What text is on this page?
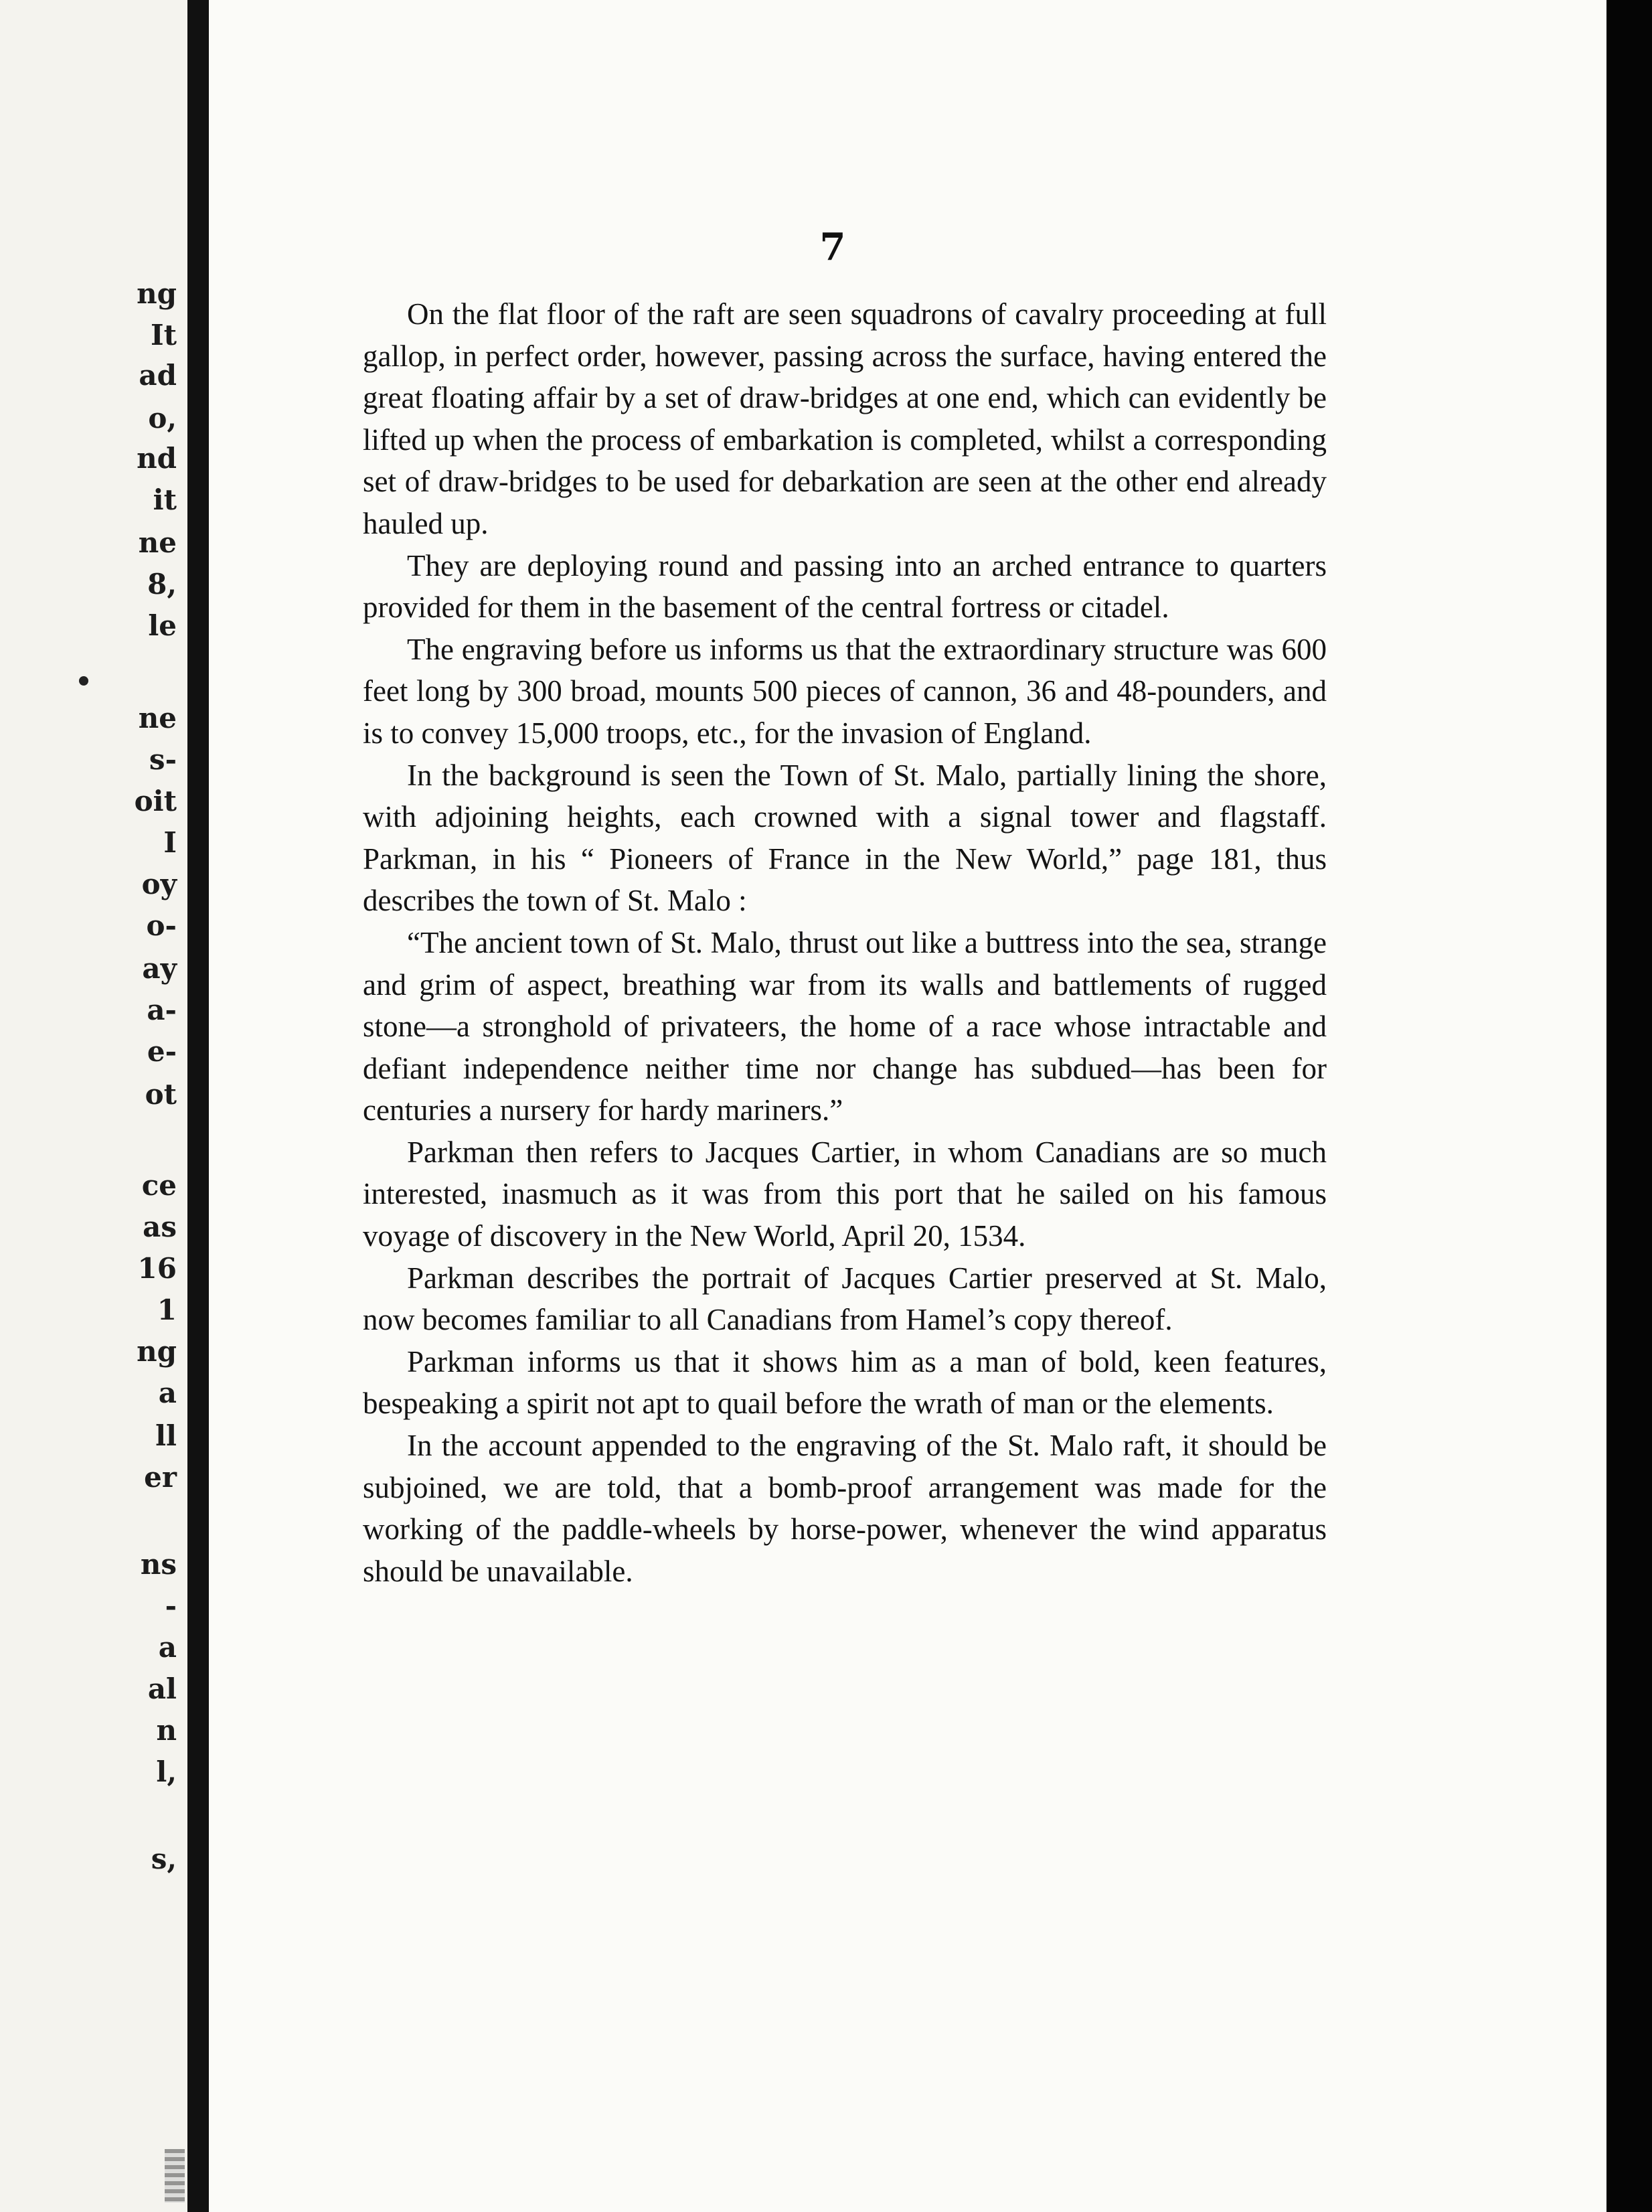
ng
It
ad
o,
nd
it
ne
8,
le
ne
s-
oit
I
oy
o-
ay
a-
e-
ot
ce
as
16
1
ng
a
ll
er
ns
-
a
al
n
l,
s,
7

On the flat floor of the raft are seen squadrons of cavalry proceeding at full gallop, in perfect order, however, passing across the surface, having entered the great floating affair by a set of draw-bridges at one end, which can evidently be lifted up when the process of embarkation is completed, whilst a corresponding set of draw-bridges to be used for debarkation are seen at the other end already hauled up.

They are deploying round and passing into an arched entrance to quarters provided for them in the basement of the central fortress or citadel.

The engraving before us informs us that the extraordinary structure was 600 feet long by 300 broad, mounts 500 pieces of cannon, 36 and 48-pounders, and is to convey 15,000 troops, etc., for the invasion of England.

In the background is seen the Town of St. Malo, partially lining the shore, with adjoining heights, each crowned with a signal tower and flagstaff. Parkman, in his “ Pioneers of France in the New World,” page 181, thus describes the town of St. Malo :

“The ancient town of St. Malo, thrust out like a buttress into the sea, strange and grim of aspect, breathing war from its walls and battlements of rugged stone—a stronghold of privateers, the home of a race whose intractable and defiant independence neither time nor change has subdued—has been for centuries a nursery for hardy mariners.”

Parkman then refers to Jacques Cartier, in whom Canadians are so much interested, inasmuch as it was from this port that he sailed on his famous voyage of discovery in the New World, April 20, 1534.

Parkman describes the portrait of Jacques Cartier preserved at St. Malo, now becomes familiar to all Canadians from Hamel’s copy thereof.

Parkman informs us that it shows him as a man of bold, keen features, bespeaking a spirit not apt to quail before the wrath of man or the elements.

In the account appended to the engraving of the St. Malo raft, it should be subjoined, we are told, that a bomb-proof arrangement was made for the working of the paddle-wheels by horse-power, whenever the wind apparatus should be unavailable.
